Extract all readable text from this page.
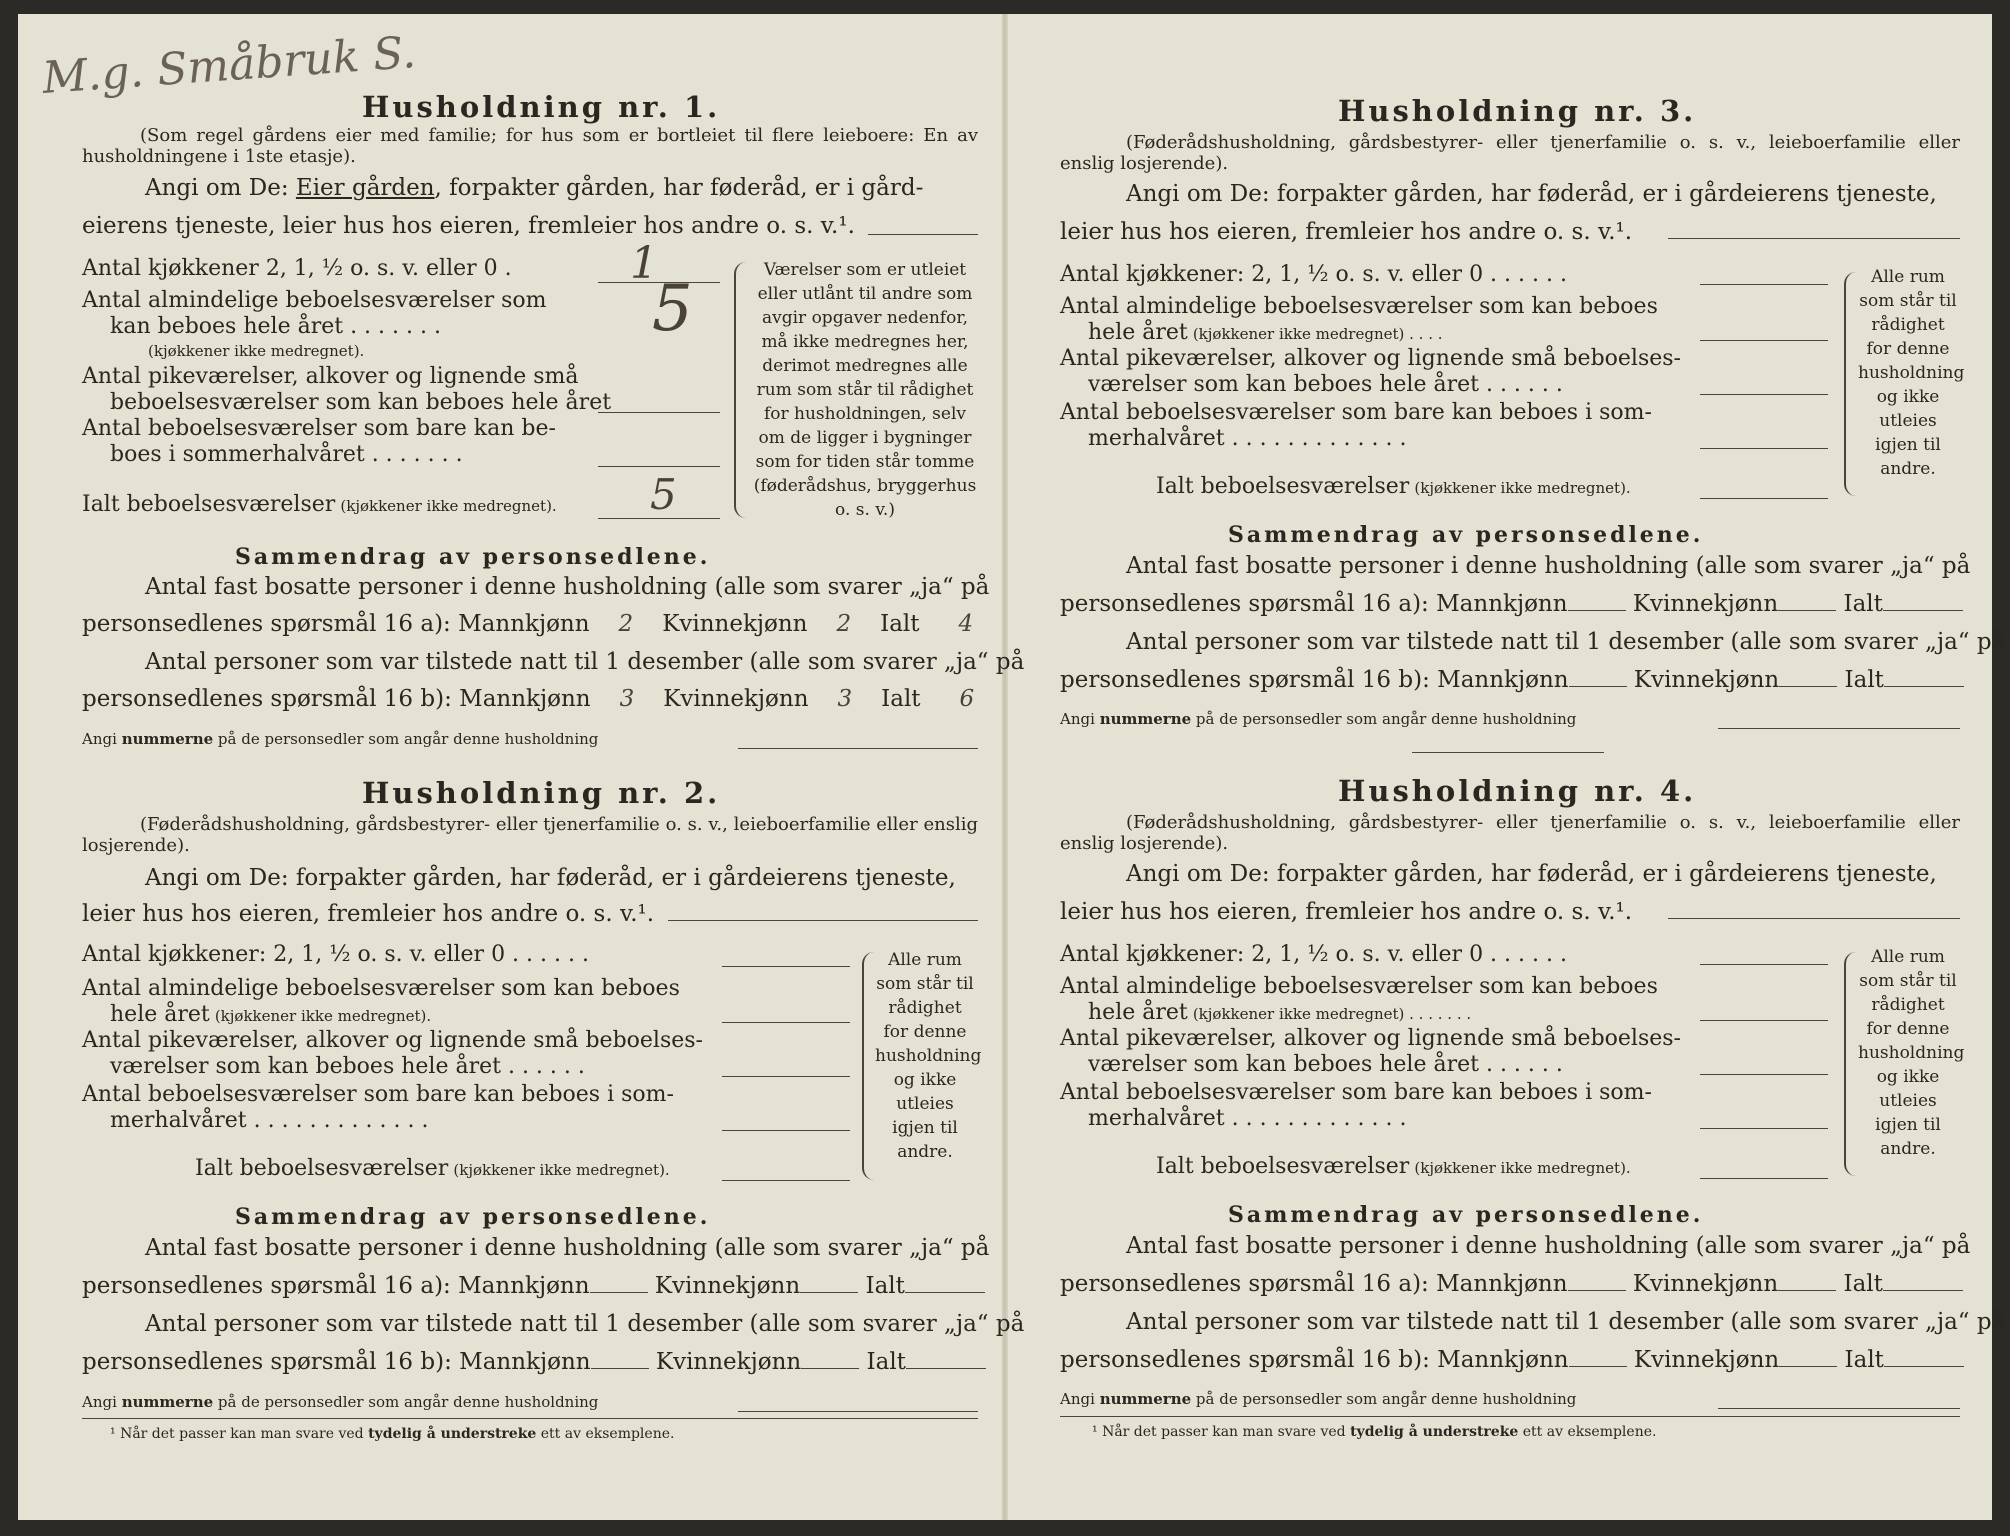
M.g. Småbruk S.
Husholdning nr. 1.
(Som regel gårdens eier med familie; for hus som er bortleiet til flere leieboere: En av husholdningene i 1ste etasje).
Angi om De: Eier gården, forpakter gården, har føderåd, er i gård-
eierens tjeneste, leier hus hos eieren, fremleier hos andre o. s. v.¹.
Antal kjøkkener 2, 1, ½ o. s. v. eller 0 .	1
Antal almindelige beboelsesværelser som
kan beboes hele året . . . . . . .
(kjøkkener ikke medregnet).
5
Antal pikeværelser, alkover og lignende små
beboelsesværelser som kan beboes hele året
Antal beboelsesværelser som bare kan be-
boes i sommerhalvåret . . . . . . .
Ialt beboelsesværelser (kjøkkener ikke medregnet). 5
Værelser som er utleiet eller utlånt til andre som avgir opgaver nedenfor, må ikke medregnes her, derimot medregnes alle rum som står til rådighet for husholdningen, selv om de ligger i bygninger som for tiden står tomme (føderådshus, bryggerhus o. s. v.)
Sammendrag av personsedlene.
Antal fast bosatte personer i denne husholdning (alle som svarer „ja“ på
personsedlenes spørsmål 16 a): Mannkjønn 2 Kvinnekjønn 2 Ialt 4
Antal personer som var tilstede natt til 1 desember (alle som svarer „ja“ på
personsedlenes spørsmål 16 b): Mannkjønn 3 Kvinnekjønn 3 Ialt 6
Angi nummerne på de personsedler som angår denne husholdning
Husholdning nr. 2.
(Føderådshusholdning, gårdsbestyrer- eller tjenerfamilie o. s. v., leieboerfamilie eller enslig losjerende).
Angi om De: forpakter gården, har føderåd, er i gårdeierens tjeneste,
leier hus hos eieren, fremleier hos andre o. s. v.¹.
Antal kjøkkener: 2, 1, ½ o. s. v. eller 0 . . . . . .
Antal almindelige beboelsesværelser som kan beboes
hele året (kjøkkener ikke medregnet).
Antal pikeværelser, alkover og lignende små beboelses-
værelser som kan beboes hele året . . . . . .
Antal beboelsesværelser som bare kan beboes i som-
merhalvåret . . . . . . . . . . . . .
Ialt beboelsesværelser (kjøkkener ikke medregnet).
Alle rum som står til rådighet for denne husholdning og ikke utleies igjen til andre.
Sammendrag av personsedlene.
Antal fast bosatte personer i denne husholdning (alle som svarer „ja“ på
personsedlenes spørsmål 16 a): Mannkjønn	Kvinnekjønn	Ialt
Antal personer som var tilstede natt til 1 desember (alle som svarer „ja“ på
personsedlenes spørsmål 16 b): Mannkjønn	Kvinnekjønn	Ialt
Angi nummerne på de personsedler som angår denne husholdning
¹ Når det passer kan man svare ved tydelig å understreke ett av eksemplene.
Husholdning nr. 3.
(Føderådshusholdning, gårdsbestyrer- eller tjenerfamilie o. s. v., leieboerfamilie eller enslig losjerende).
Angi om De: forpakter gården, har føderåd, er i gårdeierens tjeneste,
leier hus hos eieren, fremleier hos andre o. s. v.¹.
Antal kjøkkener: 2, 1, ½ o. s. v. eller 0 . . . . . .
Antal almindelige beboelsesværelser som kan beboes
hele året (kjøkkener ikke medregnet) . . . .
Antal pikeværelser, alkover og lignende små beboelses-
værelser som kan beboes hele året . . . . . .
Antal beboelsesværelser som bare kan beboes i som-
merhalvåret . . . . . . . . . . . . .
Ialt beboelsesværelser (kjøkkener ikke medregnet).
Alle rum som står til rådighet for denne husholdning og ikke utleies igjen til andre.
Sammendrag av personsedlene.
Antal fast bosatte personer i denne husholdning (alle som svarer „ja“ på
personsedlenes spørsmål 16 a): Mannkjønn	Kvinnekjønn	Ialt
Antal personer som var tilstede natt til 1 desember (alle som svarer „ja“ på
personsedlenes spørsmål 16 b): Mannkjønn	Kvinnekjønn	Ialt
Angi nummerne på de personsedler som angår denne husholdning
Husholdning nr. 4.
(Føderådshusholdning, gårdsbestyrer- eller tjenerfamilie o. s. v., leieboerfamilie eller enslig losjerende).
Angi om De: forpakter gården, har føderåd, er i gårdeierens tjeneste,
leier hus hos eieren, fremleier hos andre o. s. v.¹.
Antal kjøkkener: 2, 1, ½ o. s. v. eller 0 . . . . . .
Antal almindelige beboelsesværelser som kan beboes
hele året (kjøkkener ikke medregnet) . . . . . . .
Antal pikeværelser, alkover og lignende små beboelses-
værelser som kan beboes hele året . . . . . .
Antal beboelsesværelser som bare kan beboes i som-
merhalvåret . . . . . . . . . . . . .
Ialt beboelsesværelser (kjøkkener ikke medregnet).
Alle rum som står til rådighet for denne husholdning og ikke utleies igjen til andre.
Sammendrag av personsedlene.
Antal fast bosatte personer i denne husholdning (alle som svarer „ja“ på
personsedlenes spørsmål 16 a): Mannkjønn	Kvinnekjønn	Ialt
Antal personer som var tilstede natt til 1 desember (alle som svarer „ja“ på
personsedlenes spørsmål 16 b): Mannkjønn	Kvinnekjønn	Ialt
Angi nummerne på de personsedler som angår denne husholdning
¹ Når det passer kan man svare ved tydelig å understreke ett av eksemplene.
